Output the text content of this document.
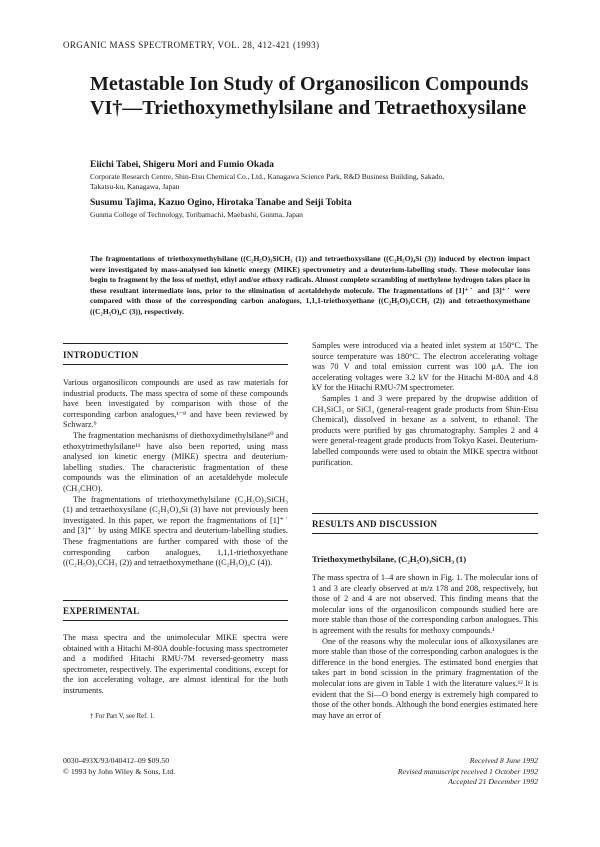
ORGANIC MASS SPECTROMETRY, VOL. 28, 412-421 (1993)
Metastable Ion Study of Organosilicon Compounds
VI†—Triethoxymethylsilane and Tetraethoxysilane
Eiichi Tabei, Shigeru Mori and Fumio Okada
Corporate Research Centre, Shin-Etsu Chemical Co., Ltd., Kanagawa Science Park, R&D Business Building, Sakado,
Takatsu-ku, Kanagawa, Japan
Susumu Tajima, Kazuo Ogino, Hirotaka Tanabe and Seiji Tobita
Gunma College of Technology, Toribamachi, Maebashi, Gunma, Japan
The fragmentations of triethoxymethylsilane ((C₂H₅O)₃SiCH₃ (1)) and tetraethoxysilane ((C₂H₅O)₄Si (3)) induced by electron impact were investigated by mass-analysed ion kinetic energy (MIKE) spectrometry and a deuterium-labelling study. These molecular ions begin to fragment by the loss of methyl, ethyl and/or ethoxy radicals. Almost complete scrambling of methylene hydrogen takes place in these resultant intermediate ions, prior to the elimination of acetaldehyde molecule. The fragmentations of [1]⁺˙ and [3]⁺˙ were compared with those of the corresponding carbon analogues, 1,1,1-triethoxyethane ((C₂H₅O)₃CCH₃ (2)) and tetraethoxymethane ((C₂H₅O)₄C (3)), respectively.
INTRODUCTION

Various organosilicon compounds are used as raw materials for industrial products. The mass spectra of some of these compounds have been investigated by comparison with those of the corresponding carbon analogues,¹⁻⁸ and have been reviewed by Schwarz.⁹

The fragmentation mechanisms of diethoxydimethylsilane¹⁰ and ethoxytrimethylsilane¹¹ have also been reported, using mass analysed ion kinetic energy (MIKE) spectra and deuterium-labelling studies. The characteristic fragmentation of these compounds was the elimination of an acetaldehyde molecule (CH₃CHO).

The fragmentations of triethoxymethylsilane (C₂H₅O)₃SiCH₃ (1) and tetraethoxysilane (C₂H₅O)₄Si (3) have not previously been investigated. In this paper, we report the fragmentations of [1]⁺˙ and [3]⁺˙ by using MIKE spectra and deuterium-labelling studies. These fragmentations are further compared with those of the corresponding carbon analogues, 1,1,1-triethoxyethane ((C₂H₅O)₃CCH₃ (2)) and tetraethoxymethane ((C₂H₅O)₄C (4)).

EXPERIMENTAL

The mass spectra and the unimolecular MIKE spectra were obtained with a Hitachi M-80A double-focusing mass spectrometer and a modified Hitachi RMU-7M reversed-geometry mass spectrometer, respectively. The experimental conditions, except for the ion accelerating voltage, are almost identical for the both instruments.

† For Part V, see Ref. 1.

Samples were introduced via a heated inlet system at 150°C. The source temperature was 180°C. The electron accelerating voltage was 70 V and total emission current was 100 μA. The ion accelerating voltages were 3.2 kV for the Hitachi M-80A and 4.8 kV for the Hitachi RMU-7M spectrometer.

Samples 1 and 3 were prepared by the dropwise addition of CH₃SiCl₃ or SiCl₄ (general-reagent grade products from Shin-Etsu Chemical), dissolved in hexane as a solvent, to ethanol. The products were purified by gas chromatography. Samples 2 and 4 were general-reagent grade products from Tokyo Kasei. Deuterium-labelled compounds were used to obtain the MIKE spectra without purification.

RESULTS AND DISCUSSION
Triethoxymethylsilane, (C₂H₅O)₃SiCH₃ (1)

The mass spectra of 1–4 are shown in Fig. 1. The molecular ions of 1 and 3 are clearly observed at m/z 178 and 208, respectively, but those of 2 and 4 are not observed. This finding means that the molecular ions of the organosilicon compounds studied here are more stable than those of the corresponding carbon analogues. This is agreement with the results for methoxy compounds.¹

One of the reasons why the molecular ions of alkoxysilanes are more stable than those of the corresponding carbon analogues is the difference in the bond energies. The estimated bond energies that takes part in bond scission in the primary fragmentation of the molecular ions are given in Table 1 with the literature values.¹² It is evident that the Si—O bond energy is extremely high compared to those of the other bonds. Although the bond energies estimated here may have an error of

0030-493X/93/040412–09 $09.50
© 1993 by John Wiley & Sons, Ltd.
Received 8 June 1992
Revised manuscript received 1 October 1992
Accepted 21 December 1992
